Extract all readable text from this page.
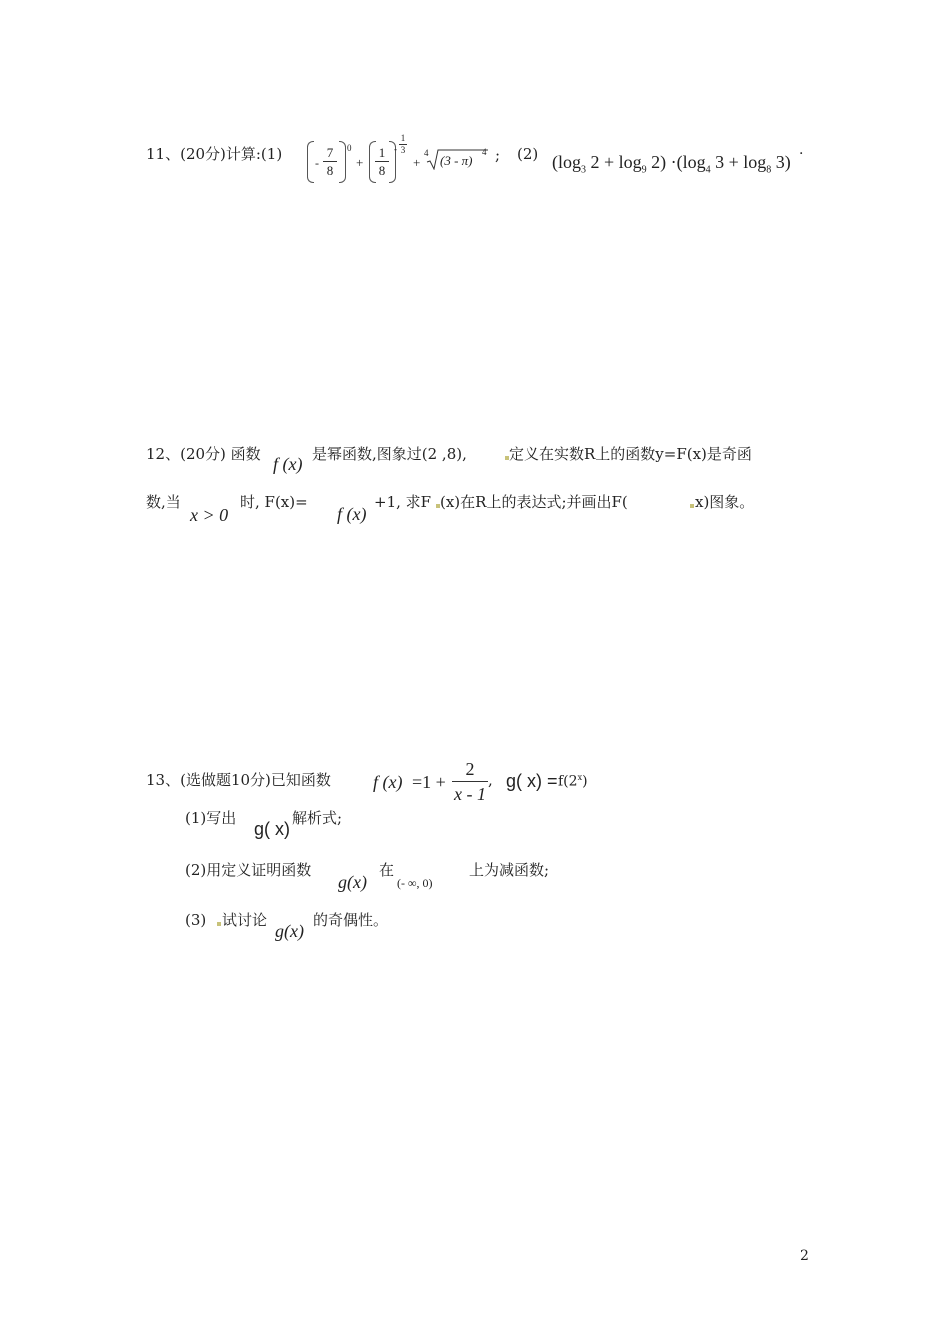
11、(20分)计算:(1)	-
7
8
0
+
1
8
-
1
3
+
4 (3 - π)
4 ; (2) ($\log_3$ $2 + \log_9 2) \cdot(\log_4$ $3 + \log_8 3$) ·
12、(20分) 函数 f (x) 是幂函数,图象过(2 ,8),	定义在实数R上的函数y=F(x)是奇函
数,当
x > 0
时, F(x)=
f (x)
+1, 求F (x)在R上的表达式;并画出F(	x)图象。
13、(选做题10分)已知函数 f (x) =1 +
2
x - 1
, g( $x) = f(2^x)$
(1)写出
g( x)
解析式;
(2)用定义证明函数
g(x)
在
(- ∞, 0)
上为减函数;
(3) 试讨论
g(x)
的奇偶性。
2
